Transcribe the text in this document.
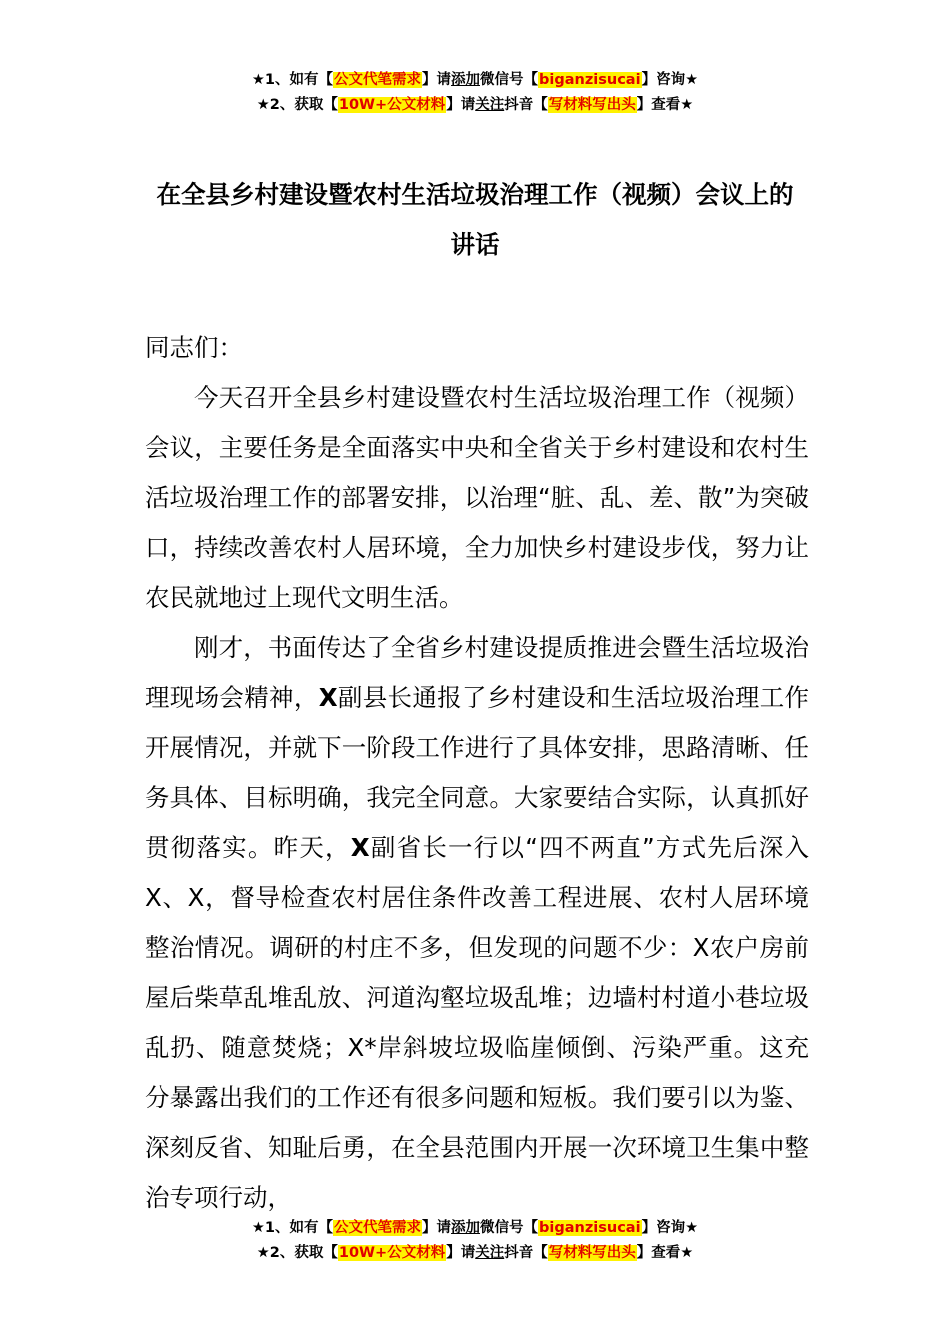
★1、如有【公文代笔需求】请添加微信号【biganzisucai】咨询★
★2、获取【10W+公文材料】请关注抖音【写材料写出头】查看★
在全县乡村建设暨农村生活垃圾治理工作（视频）会议上的讲话

同志们：

今天召开全县乡村建设暨农村生活垃圾治理工作（视频）会议，主要任务是全面落实中央和全省关于乡村建设和农村生活垃圾治理工作的部署安排，以治理“脏、乱、差、散”为突破口，持续改善农村人居环境，全力加快乡村建设步伐，努力让农民就地过上现代文明生活。

刚才，书面传达了全省乡村建设提质推进会暨生活垃圾治理现场会精神，X副县长通报了乡村建设和生活垃圾治理工作开展情况，并就下一阶段工作进行了具体安排，思路清晰、任务具体、目标明确，我完全同意。大家要结合实际，认真抓好贯彻落实。昨天，X副省长一行以“四不两直”方式先后深入X、X，督导检查农村居住条件改善工程进展、农村人居环境整治情况。调研的村庄不多，但发现的问题不少：X农户房前屋后柴草乱堆乱放、河道沟壑垃圾乱堆；边墙村村道小巷垃圾乱扔、随意焚烧；X*岸斜坡垃圾临崖倾倒、污染严重。这充分暴露出我们的工作还有很多问题和短板。我们要引以为鉴、深刻反省、知耻后勇，在全县范围内开展一次环境卫生集中整治专项行动，

★1、如有【公文代笔需求】请添加微信号【biganzisucai】咨询★
★2、获取【10W+公文材料】请关注抖音【写材料写出头】查看★
